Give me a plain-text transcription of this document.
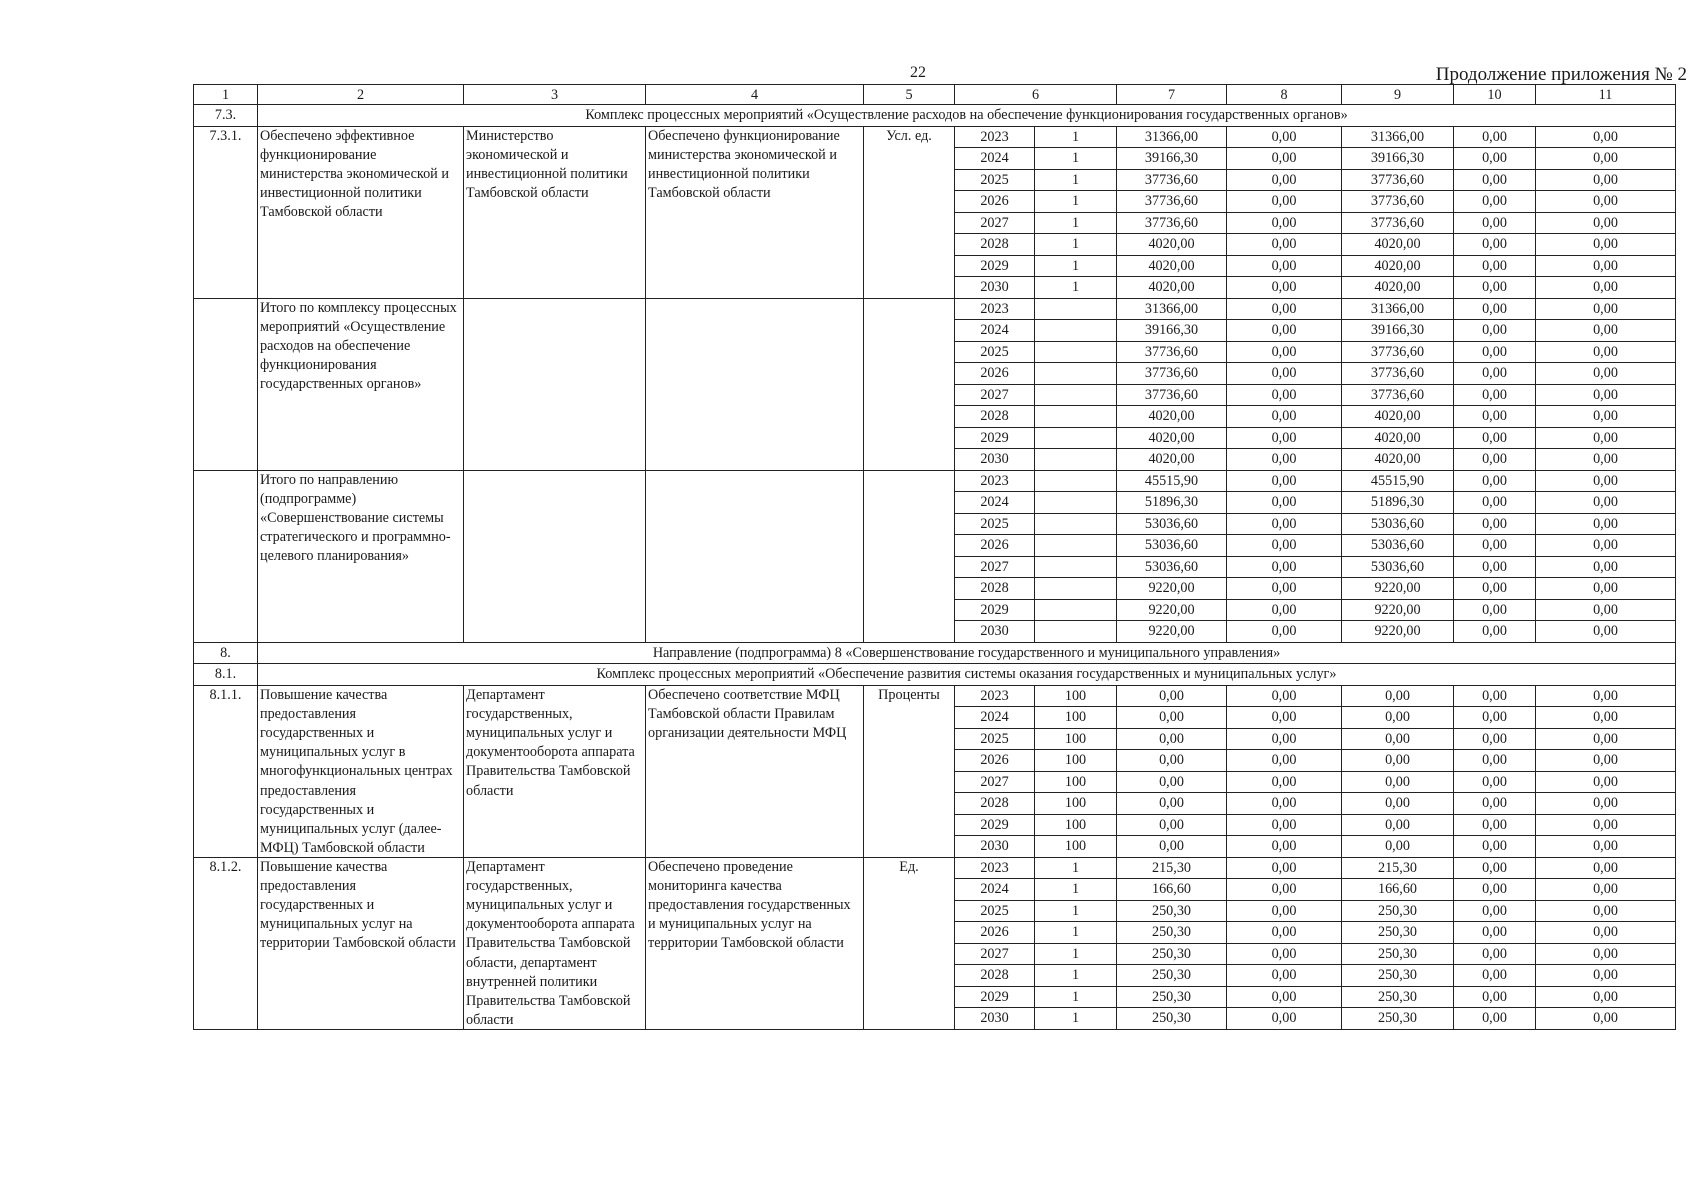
22	Продолжение приложения № 2
1	2	3	4	5	6		7	8	9	10	11
7.3.	Комплекс процессных мероприятий «Осуществление расходов на обеспечение функционирования государственных органов»										

7.3.1.	Обеспечено эффективное функционирование министерства экономической и инвестиционной политики Тамбовской области	Министерство экономической и инвестиционной политики Тамбовской области	Обеспечено функционирование министерства экономической и инвестиционной политики Тамбовской области	Усл. ед.	2023	1	31366,00	0,00	31366,00	0,00	0,00
					2024	1	39166,30	0,00	39166,30	0,00	0,00
					2025	1	37736,60	0,00	37736,60	0,00	0,00
					2026	1	37736,60	0,00	37736,60	0,00	0,00
					2027	1	37736,60	0,00	37736,60	0,00	0,00
					2028	1	4020,00	0,00	4020,00	0,00	0,00
					2029	1	4020,00	0,00	4020,00	0,00	0,00
					2030	1	4020,00	0,00	4020,00	0,00	0,00

	Итого по комплексу процессных мероприятий «Осуществление расходов на обеспечение функционирования государственных органов»				2023		31366,00	0,00	31366,00	0,00	0,00
					2024		39166,30	0,00	39166,30	0,00	0,00
					2025		37736,60	0,00	37736,60	0,00	0,00
					2026		37736,60	0,00	37736,60	0,00	0,00
					2027		37736,60	0,00	37736,60	0,00	0,00
					2028		4020,00	0,00	4020,00	0,00	0,00
					2029		4020,00	0,00	4020,00	0,00	0,00
					2030		4020,00	0,00	4020,00	0,00	0,00

	Итого по направлению (подпрограмме) «Совершенствование системы стратегического и программно-целевого планирования»				2023		45515,90	0,00	45515,90	0,00	0,00
					2024		51896,30	0,00	51896,30	0,00	0,00
					2025		53036,60	0,00	53036,60	0,00	0,00
					2026		53036,60	0,00	53036,60	0,00	0,00
					2027		53036,60	0,00	53036,60	0,00	0,00
					2028		9220,00	0,00	9220,00	0,00	0,00
					2029		9220,00	0,00	9220,00	0,00	0,00
					2030		9220,00	0,00	9220,00	0,00	0,00
8.	Направление (подпрограмма) 8 «Совершенствование государственного и муниципального управления»										
8.1.	Комплекс процессных мероприятий «Обеспечение развития системы оказания государственных и муниципальных услуг»										

8.1.1.	Повышение качества предоставления государственных и муниципальных услуг в многофункциональных центрах предоставления государственных и муниципальных услуг (далее- МФЦ) Тамбовской области	Департамент государственных, муниципальных услуг и документооборота аппарата Правительства Тамбовской области	Обеспечено соответствие МФЦ Тамбовской области Правилам организации деятельности МФЦ	Проценты	2023	100	0,00	0,00	0,00	0,00	0,00
					2024	100	0,00	0,00	0,00	0,00	0,00
					2025	100	0,00	0,00	0,00	0,00	0,00
					2026	100	0,00	0,00	0,00	0,00	0,00
					2027	100	0,00	0,00	0,00	0,00	0,00
					2028	100	0,00	0,00	0,00	0,00	0,00
					2029	100	0,00	0,00	0,00	0,00	0,00
					2030	100	0,00	0,00	0,00	0,00	0,00

8.1.2.	Повышение качества предоставления государственных и муниципальных услуг на территории Тамбовской области	Департамент государственных, муниципальных услуг и документооборота аппарата Правительства Тамбовской области, департамент внутренней политики Правительства Тамбовской области	Обеспечено проведение мониторинга качества предоставления государственных и муниципальных услуг на территории Тамбовской области	Ед.	2023	1	215,30	0,00	215,30	0,00	0,00
					2024	1	166,60	0,00	166,60	0,00	0,00
					2025	1	250,30	0,00	250,30	0,00	0,00
					2026	1	250,30	0,00	250,30	0,00	0,00
					2027	1	250,30	0,00	250,30	0,00	0,00
					2028	1	250,30	0,00	250,30	0,00	0,00
					2029	1	250,30	0,00	250,30	0,00	0,00
					2030	1	250,30	0,00	250,30	0,00	0,00
